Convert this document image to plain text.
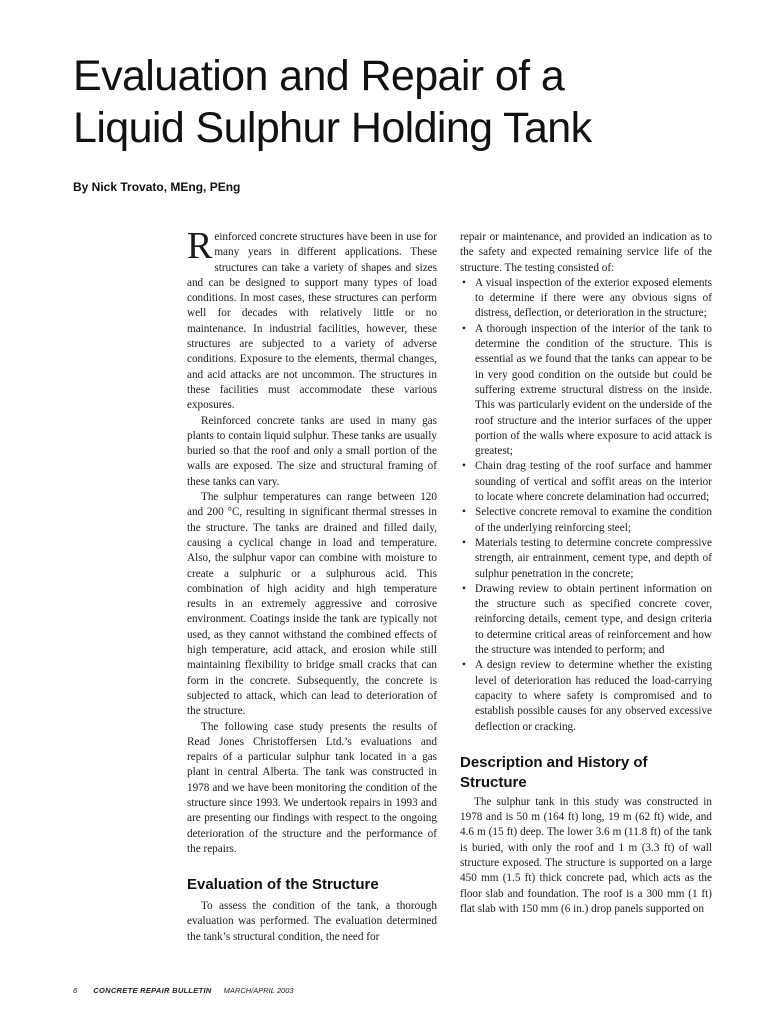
Evaluation and Repair of a
Liquid Sulphur Holding Tank

By Nick Trovato, MEng, PEng

Reinforced concrete structures have been in use for many years in different applications. These structures can take a variety of shapes and sizes and can be designed to support many types of load conditions. In most cases, these structures can perform well for decades with relatively little or no maintenance. In industrial facilities, however, these structures are subjected to a variety of adverse conditions. Exposure to the elements, thermal changes, and acid attacks are not uncommon. The structures in these facilities must accommodate these various exposures.

Reinforced concrete tanks are used in many gas plants to contain liquid sulphur. These tanks are usually buried so that the roof and only a small portion of the walls are exposed. The size and structural framing of these tanks can vary.

The sulphur temperatures can range between 120 and 200 °C, resulting in significant thermal stresses in the structure. The tanks are drained and filled daily, causing a cyclical change in load and temperature. Also, the sulphur vapor can combine with moisture to create a sulphuric or a sulphurous acid. This combination of high acidity and high temperature results in an extremely aggressive and corrosive environment. Coatings inside the tank are typically not used, as they cannot withstand the combined effects of high temperature, acid attack, and erosion while still maintaining flexibility to bridge small cracks that can form in the concrete. Subsequently, the concrete is subjected to attack, which can lead to deterioration of the structure.

The following case study presents the results of Read Jones Christoffersen Ltd.’s evaluations and repairs of a particular sulphur tank located in a gas plant in central Alberta. The tank was constructed in 1978 and we have been monitoring the condition of the structure since 1993. We undertook repairs in 1993 and are presenting our findings with respect to the ongoing deterioration of the structure and the performance of the repairs.

Evaluation of the Structure

To assess the condition of the tank, a thorough evaluation was performed. The evaluation determined the tank’s structural condition, the need for

repair or maintenance, and provided an indication as to the safety and expected remaining service life of the structure. The testing consisted of:

• A visual inspection of the exterior exposed elements to determine if there were any obvious signs of distress, deflection, or deterioration in the structure;
• A thorough inspection of the interior of the tank to determine the condition of the structure. This is essential as we found that the tanks can appear to be in very good condition on the outside but could be suffering extreme structural distress on the inside. This was particularly evident on the underside of the roof structure and the interior surfaces of the upper portion of the walls where exposure to acid attack is greatest;
• Chain drag testing of the roof surface and hammer sounding of vertical and soffit areas on the interior to locate where concrete delamination had occurred;
• Selective concrete removal to examine the condition of the underlying reinforcing steel;
• Materials testing to determine concrete compressive strength, air entrainment, cement type, and depth of sulphur penetration in the concrete;
• Drawing review to obtain pertinent information on the structure such as specified concrete cover, reinforcing details, cement type, and design criteria to determine critical areas of reinforcement and how the structure was intended to perform; and
• A design review to determine whether the existing level of deterioration has reduced the load-carrying capacity to where safety is compromised and to establish possible causes for any observed excessive deflection or cracking.
Description and History of Structure

The sulphur tank in this study was constructed in 1978 and is 50 m (164 ft) long, 19 m (62 ft) wide, and 4.6 m (15 ft) deep. The lower 3.6 m (11.8 ft) of the tank is buried, with only the roof and 1 m (3.3 ft) of wall structure exposed. The structure is supported on a large 450 mm (1.5 ft) thick concrete pad, which acts as the floor slab and foundation. The roof is a 300 mm (1 ft) flat slab with 150 mm (6 in.) drop panels supported on

6 CONCRETE REPAIR BULLETIN MARCH/APRIL 2003
